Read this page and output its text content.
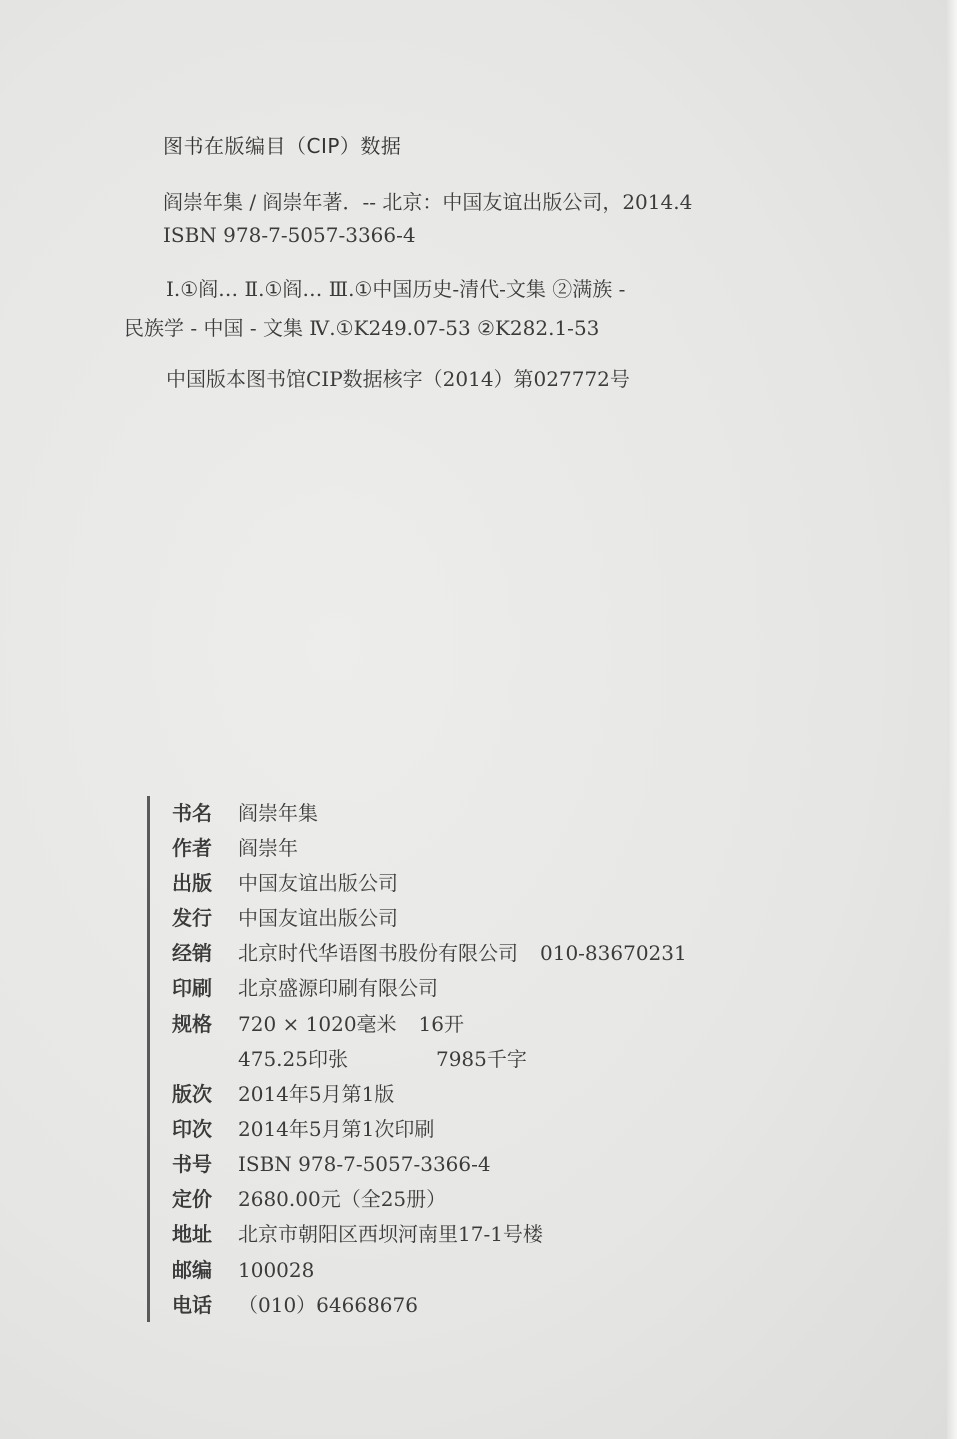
图书在版编目（CIP）数据
阎崇年集 / 阎崇年著．-- 北京：中国友谊出版公司，2014.4
ISBN 978-7-5057-3366-4
Ⅰ.①阎… Ⅱ.①阎… Ⅲ.①中国历史-清代-文集 ②满族 -
民族学 - 中国 - 文集 Ⅳ.①K249.07-53 ②K282.1-53
中国版本图书馆CIP数据核字（2014）第027772号
书名 阎崇年集
作者 阎崇年
出版 中国友谊出版公司
发行 中国友谊出版公司
经销 北京时代华语图书股份有限公司 010-83670231
印刷 北京盛源印刷有限公司
规格 720 × 1020毫米 16开
475.25印张	7985千字
版次 2014年5月第1版
印次 2014年5月第1次印刷
书号 ISBN 978-7-5057-3366-4
定价 2680.00元（全25册）
地址 北京市朝阳区西坝河南里17-1号楼
邮编 100028
电话 （010）64668676
